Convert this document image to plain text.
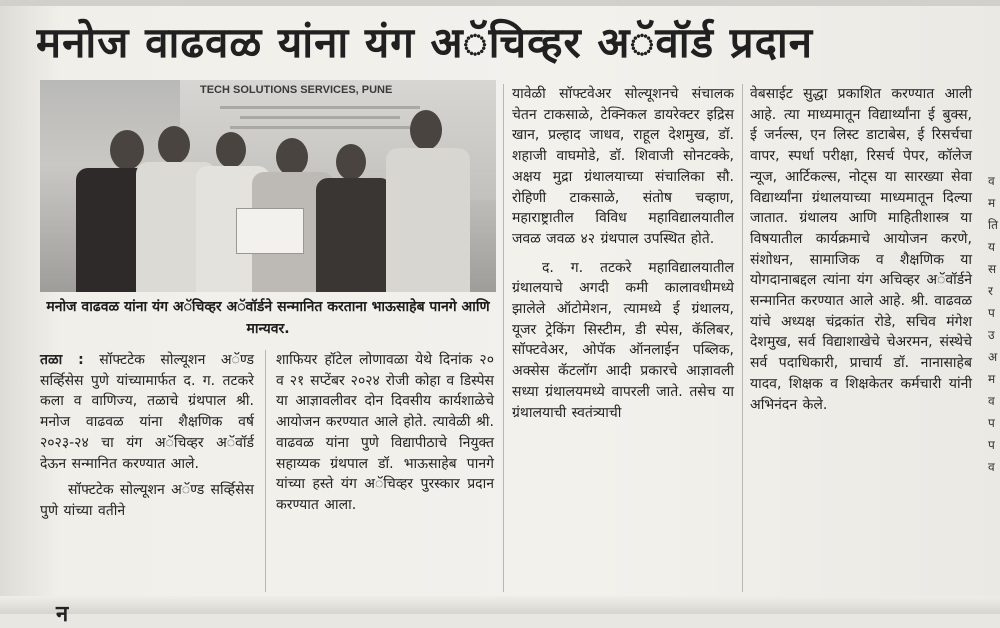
मनोज वाढवळ यांना यंग अॅचिव्हर अॅवॉर्ड प्रदान
TECH SOLUTIONS SERVICES, PUNE
मनोज वाढवळ यांना यंग अॅचिव्हर अॅवॉर्डने सन्मानित करताना भाऊसाहेब पानगे आणि मान्यवर.

तळा : सॉफ्टटेक सोल्यूशन अॅण्ड सर्व्हिसेस पुणे यांच्यामार्फत द. ग. तटकरे कला व वाणिज्य, तळाचे ग्रंथपाल श्री. मनोज वाढवळ यांना शैक्षणिक वर्ष २०२३-२४ चा यंग अॅचिव्हर अॅवॉर्ड देऊन सन्मानित करण्यात आले.

सॉफ्टटेक सोल्यूशन अॅण्ड सर्व्हिसेस पुणे यांच्या वतीने

शाफियर हॉटेल लोणावळा येथे दिनांक २० व २१ सप्टेंबर २०२४ रोजी कोहा व डिस्पेस या आज्ञावलीवर दोन दिवसीय कार्यशाळेचे आयोजन करण्यात आले होते. त्यावेळी श्री. वाढवळ यांना पुणे विद्यापीठाचे नियुक्त सहाय्यक ग्रंथपाल डॉ. भाऊसाहेब पानगे यांच्या हस्ते यंग अॅचिव्हर पुरस्कार प्रदान करण्यात आला.

यावेळी सॉफ्टवेअर सोल्यूशनचे संचालक चेतन टाकसाळे, टेक्निकल डायरेक्टर इद्रिस खान, प्रल्हाद जाधव, राहूल देशमुख, डॉ. शहाजी वाघमोडे, डॉ. शिवाजी सोनटक्के, अक्षय मुद्रा ग्रंथालयाच्या संचालिका सौ. रोहिणी टाकसाळे, संतोष चव्हाण, महाराष्ट्रातील विविध महाविद्यालयातील जवळ जवळ ४२ ग्रंथपाल उपस्थित होते.

द. ग. तटकरे महाविद्यालयातील ग्रंथालयाचे अगदी कमी कालावधीमध्ये झालेले ऑटोमेशन, त्यामध्ये ई ग्रंथालय, यूजर ट्रेकिंग सिस्टीम, डी स्पेस, कॅलिबर, सॉफ्टवेअर, ओपॅक ऑनलाईन पब्लिक, अक्सेस कॅटलॉग आदी प्रकारचे आज्ञावली सध्या ग्रंथालयमध्ये वापरली जाते. तसेच या ग्रंथालयाची स्वतंत्र्याची

वेबसाईट सुद्धा प्रकाशित करण्यात आली आहे. त्या माध्यमातून विद्यार्थ्यांना ई बुक्स, ई जर्नल्स, एन लिस्ट डाटाबेस, ई रिसर्चचा वापर, स्पर्धा परीक्षा, रिसर्च पेपर, कॉलेज न्यूज, आर्टिकल्स, नोट्स या सारख्या सेवा विद्यार्थ्यांना ग्रंथालयाच्या माध्यमातून दिल्या जातात. ग्रंथालय आणि माहितीशास्त्र या विषयातील कार्यक्रमाचे आयोजन करणे, संशोधन, सामाजिक व शैक्षणिक या योगदानाबद्दल त्यांना यंग अचिव्हर अॅवॉर्डने सन्मानित करण्यात आले आहे. श्री. वाढवळ यांचे अध्यक्ष चंद्रकांत रोडे, सचिव मंगेश देशमुख, सर्व विद्याशाखेचे चेअरमन, संस्थेचे सर्व पदाधिकारी, प्राचार्य डॉ. नानासाहेब यादव, शिक्षक व शिक्षकेतर कर्मचारी यांनी अभिनंदन केले.

व
म
ति
य
स
र
प
उ
अ
म
व
प
प
व
न
